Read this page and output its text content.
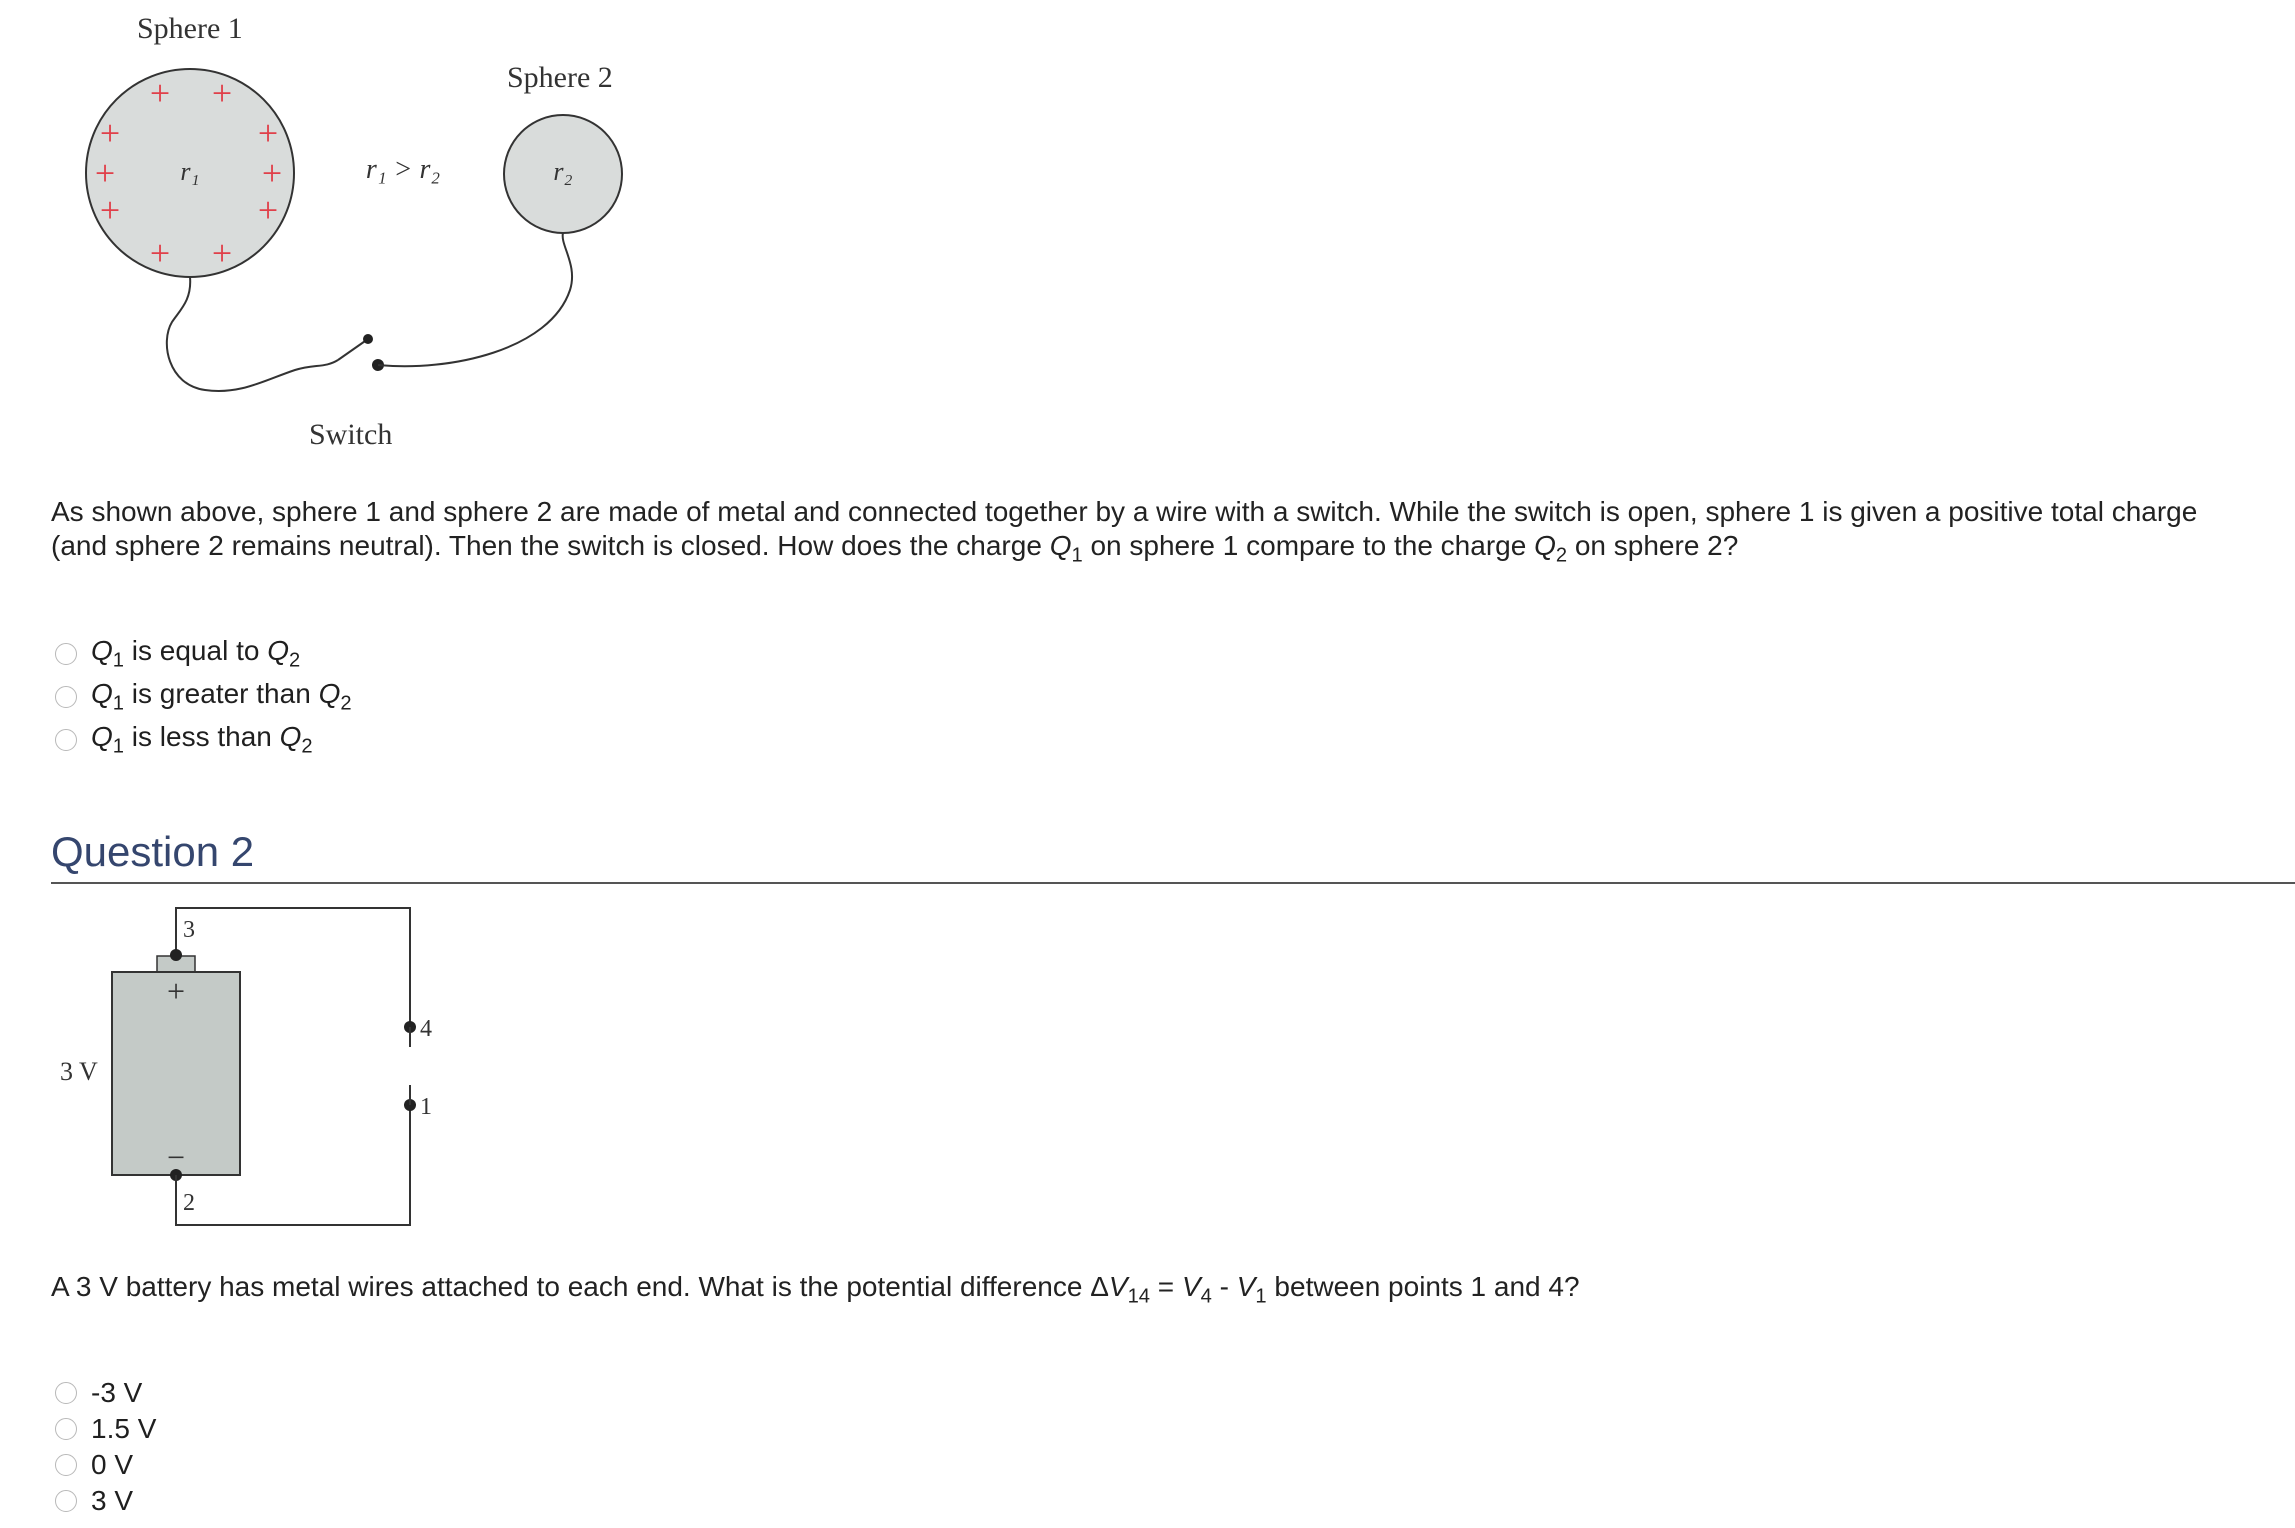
Sphere 1
Sphere 2
+ +
+	+
+	+
+	+
+ +
r₁	r₂
r₁ > r₂
Switch
As shown above, sphere 1 and sphere 2 are made of metal and connected together by a wire with a switch. While the switch is open, sphere 1 is given a positive total charge (and sphere 2 remains neutral). Then the switch is closed. How does the charge $Q_1$ on sphere 1 compare to the charge $Q_2$ on sphere 2?
$Q_1$ is equal to $Q_2$
$Q_1$ is greater than $Q_2$
$Q_1$ is less than $Q_2$
Question 2
+
−
3 V
3
2
4
1
A 3 V battery has metal wires attached to each end. What is the potential difference $\Delta V_{14} = V_4 - V_1$ between points 1 and 4?
-3 V
1.5 V
0 V
3 V
